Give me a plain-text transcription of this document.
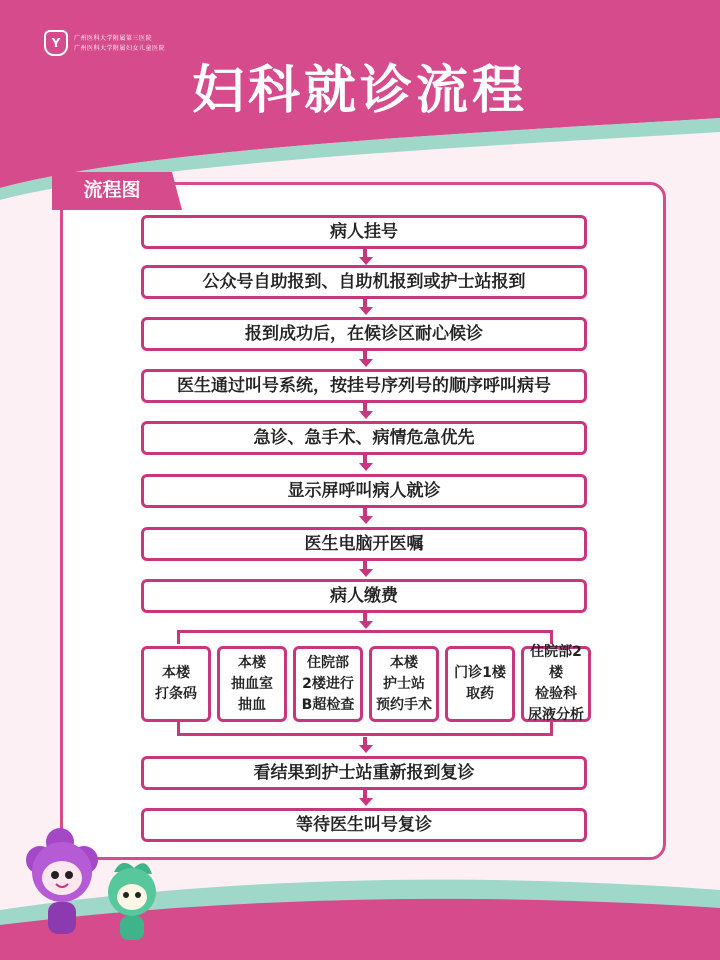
Y	广州医科大学附属第三医院
广州医科大学附属妇女儿童医院
妇科就诊流程
流程图
病人挂号
公众号自助报到、自助机报到或护士站报到
报到成功后，在候诊区耐心候诊
医生通过叫号系统，按挂号序列号的顺序呼叫病号
急诊、急手术、病情危急优先
显示屏呼叫病人就诊
医生电脑开医嘱
病人缴费
本楼
打条码
本楼
抽血室
抽血
住院部
2楼进行
B超检查
本楼
护士站
预约手术
门诊1楼
取药
住院部2楼
检验科
尿液分析
看结果到护士站重新报到复诊
等待医生叫号复诊
